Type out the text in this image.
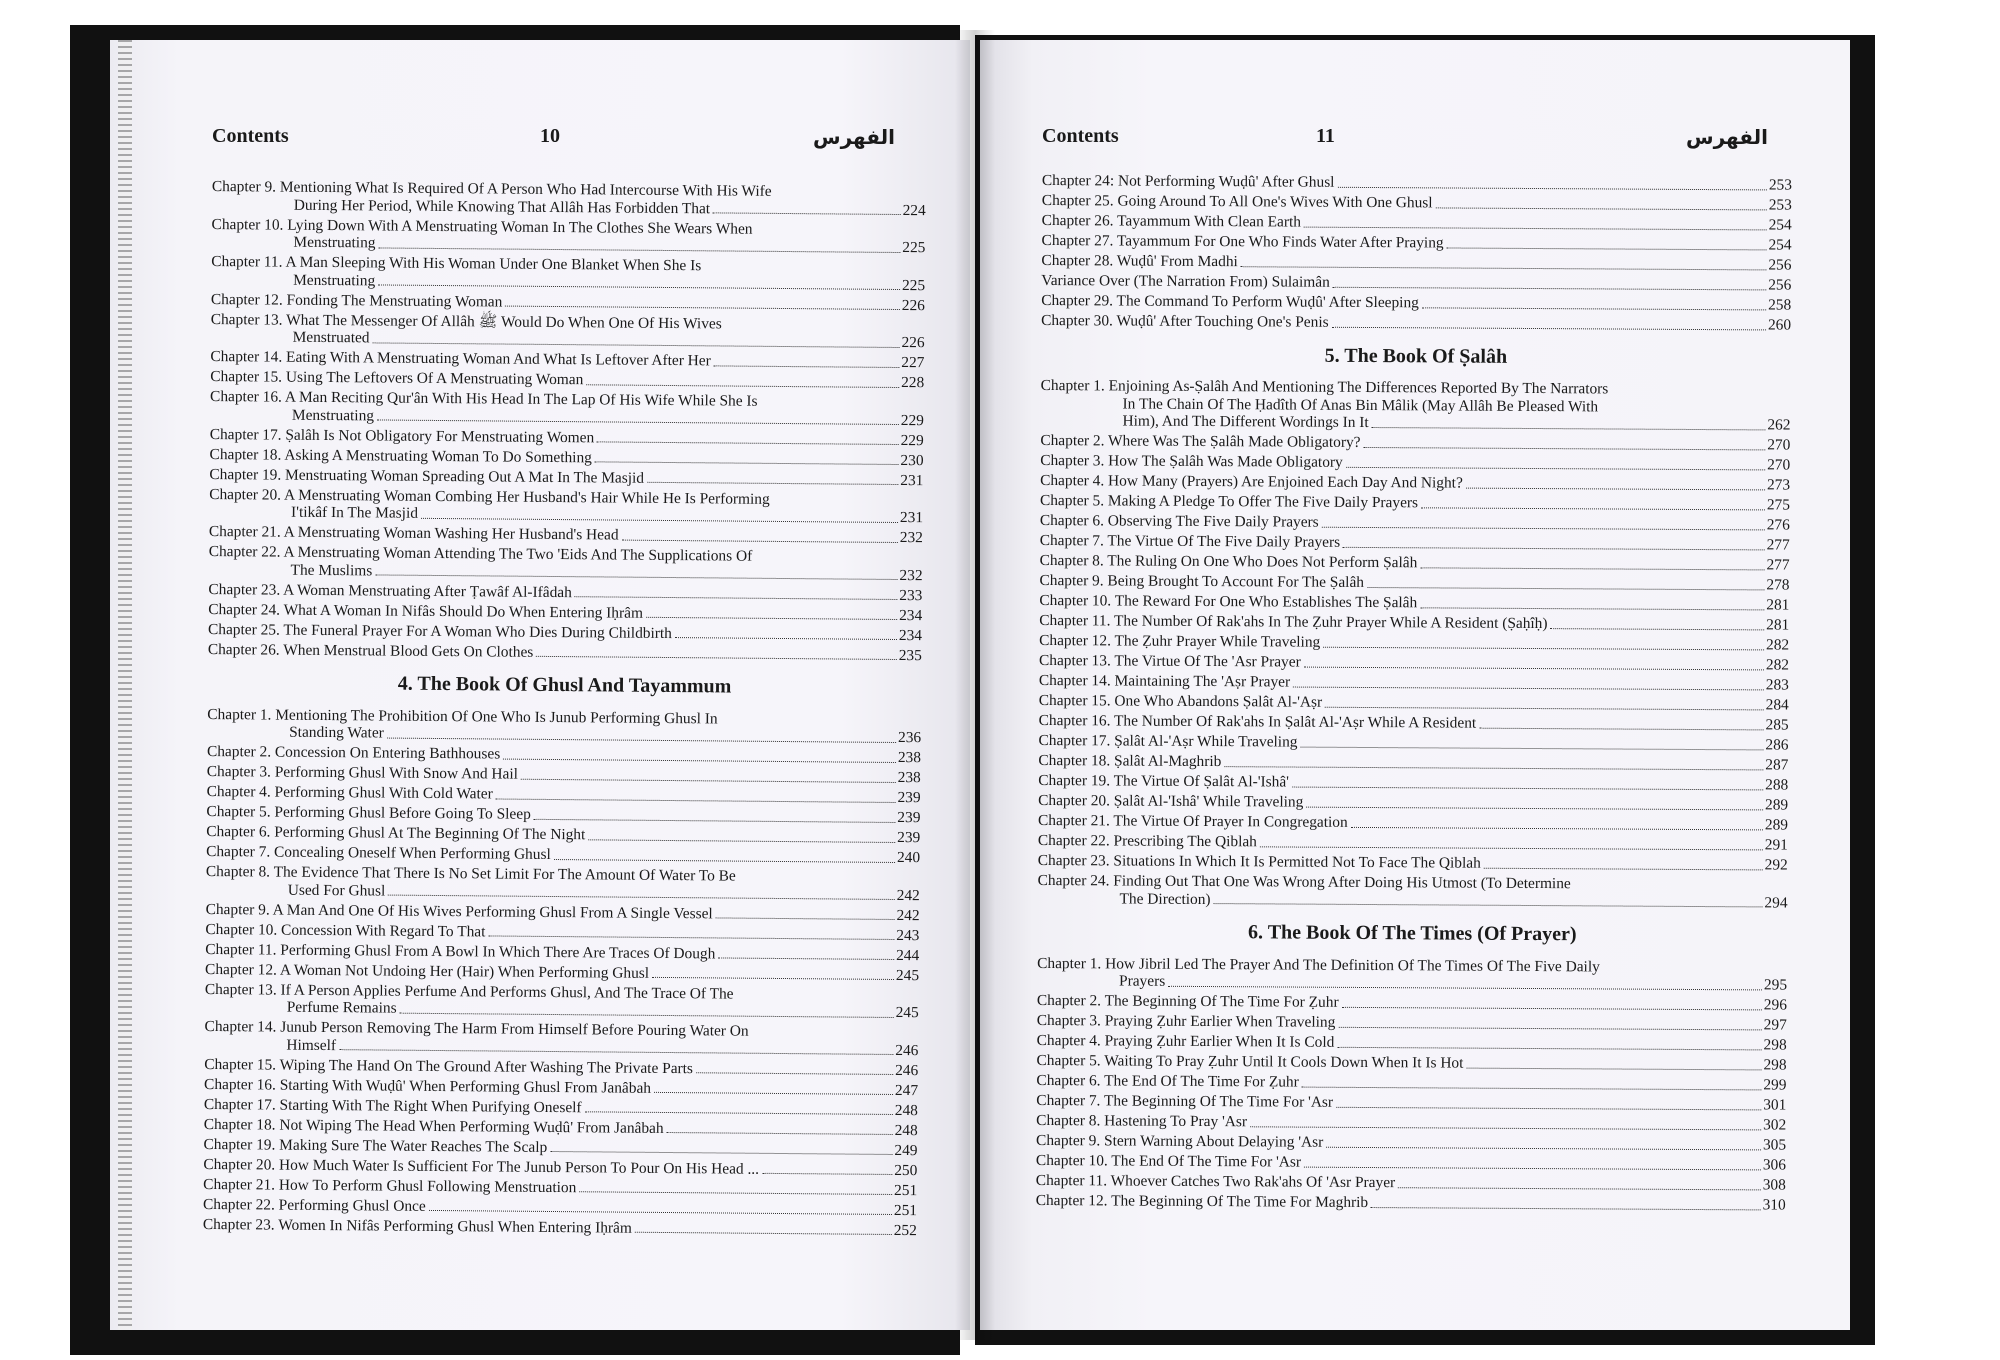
Contents	10	الفهرس
Chapter 9. Mentioning What Is Required Of A Person Who Had Intercourse With His Wife
During Her Period, While Knowing That Allâh Has Forbidden That	224
Chapter 10. Lying Down With A Menstruating Woman In The Clothes She Wears When
Menstruating	225
Chapter 11. A Man Sleeping With His Woman Under One Blanket When She Is
Menstruating	225
Chapter 12. Fonding The Menstruating Woman	226
Chapter 13. What The Messenger Of Allâh ﷺ Would Do When One Of His Wives
Menstruated	226
Chapter 14. Eating With A Menstruating Woman And What Is Leftover After Her	227
Chapter 15. Using The Leftovers Of A Menstruating Woman	228
Chapter 16. A Man Reciting Qur'ân With His Head In The Lap Of His Wife While She Is
Menstruating	229
Chapter 17. Ṣalâh Is Not Obligatory For Menstruating Women	229
Chapter 18. Asking A Menstruating Woman To Do Something	230
Chapter 19. Menstruating Woman Spreading Out A Mat In The Masjid	231
Chapter 20. A Menstruating Woman Combing Her Husband's Hair While He Is Performing
I'tikâf In The Masjid	231
Chapter 21. A Menstruating Woman Washing Her Husband's Head	232
Chapter 22. A Menstruating Woman Attending The Two 'Eids And The Supplications Of
The Muslims	232
Chapter 23. A Woman Menstruating After Ṭawâf Al-Ifâdah	233
Chapter 24. What A Woman In Nifâs Should Do When Entering Iḥrâm	234
Chapter 25. The Funeral Prayer For A Woman Who Dies During Childbirth	234
Chapter 26. When Menstrual Blood Gets On Clothes	235
4. The Book Of Ghusl And Tayammum
Chapter 1. Mentioning The Prohibition Of One Who Is Junub Performing Ghusl In
Standing Water	236
Chapter 2. Concession On Entering Bathhouses	238
Chapter 3. Performing Ghusl With Snow And Hail	238
Chapter 4. Performing Ghusl With Cold Water	239
Chapter 5. Performing Ghusl Before Going To Sleep	239
Chapter 6. Performing Ghusl At The Beginning Of The Night	239
Chapter 7. Concealing Oneself When Performing Ghusl	240
Chapter 8. The Evidence That There Is No Set Limit For The Amount Of Water To Be
Used For Ghusl	242
Chapter 9. A Man And One Of His Wives Performing Ghusl From A Single Vessel	242
Chapter 10. Concession With Regard To That	243
Chapter 11. Performing Ghusl From A Bowl In Which There Are Traces Of Dough	244
Chapter 12. A Woman Not Undoing Her (Hair) When Performing Ghusl	245
Chapter 13. If A Person Applies Perfume And Performs Ghusl, And The Trace Of The
Perfume Remains	245
Chapter 14. Junub Person Removing The Harm From Himself Before Pouring Water On
Himself	246
Chapter 15. Wiping The Hand On The Ground After Washing The Private Parts	246
Chapter 16. Starting With Wuḍû' When Performing Ghusl From Janâbah	247
Chapter 17. Starting With The Right When Purifying Oneself	248
Chapter 18. Not Wiping The Head When Performing Wuḍû' From Janâbah	248
Chapter 19. Making Sure The Water Reaches The Scalp	249
Chapter 20. How Much Water Is Sufficient For The Junub Person To Pour On His Head ...	250
Chapter 21. How To Perform Ghusl Following Menstruation	251
Chapter 22. Performing Ghusl Once	251
Chapter 23. Women In Nifâs Performing Ghusl When Entering Iḥrâm	252
Contents	11	الفهرس
Chapter 24: Not Performing Wuḍû' After Ghusl	253
Chapter 25. Going Around To All One's Wives With One Ghusl	253
Chapter 26. Tayammum With Clean Earth	254
Chapter 27. Tayammum For One Who Finds Water After Praying	254
Chapter 28. Wuḍû' From Madhi	256
Variance Over (The Narration From) Sulaimân	256
Chapter 29. The Command To Perform Wuḍû' After Sleeping	258
Chapter 30. Wuḍû' After Touching One's Penis	260
5. The Book Of Ṣalâh
Chapter 1. Enjoining As-Ṣalâh And Mentioning The Differences Reported By The Narrators
In The Chain Of The Ḥadîth Of Anas Bin Mâlik (May Allâh Be Pleased With
Him), And The Different Wordings In It	262
Chapter 2. Where Was The Ṣalâh Made Obligatory?	270
Chapter 3. How The Ṣalâh Was Made Obligatory	270
Chapter 4. How Many (Prayers) Are Enjoined Each Day And Night?	273
Chapter 5. Making A Pledge To Offer The Five Daily Prayers	275
Chapter 6. Observing The Five Daily Prayers	276
Chapter 7. The Virtue Of The Five Daily Prayers	277
Chapter 8. The Ruling On One Who Does Not Perform Ṣalâh	277
Chapter 9. Being Brought To Account For The Ṣalâh	278
Chapter 10. The Reward For One Who Establishes The Ṣalâh	281
Chapter 11. The Number Of Rak'ahs In The Ẓuhr Prayer While A Resident (Ṣaḥîḥ)	281
Chapter 12. The Ẓuhr Prayer While Traveling	282
Chapter 13. The Virtue Of The 'Asr Prayer	282
Chapter 14. Maintaining The 'Aṣr Prayer	283
Chapter 15. One Who Abandons Ṣalât Al-'Aṣr	284
Chapter 16. The Number Of Rak'ahs In Ṣalât Al-'Aṣr While A Resident	285
Chapter 17. Ṣalât Al-'Aṣr While Traveling	286
Chapter 18. Ṣalât Al-Maghrib	287
Chapter 19. The Virtue Of Ṣalât Al-'Ishâ'	288
Chapter 20. Ṣalât Al-'Ishâ' While Traveling	289
Chapter 21. The Virtue Of Prayer In Congregation	289
Chapter 22. Prescribing The Qiblah	291
Chapter 23. Situations In Which It Is Permitted Not To Face The Qiblah	292
Chapter 24. Finding Out That One Was Wrong After Doing His Utmost (To Determine
The Direction)	294
6. The Book Of The Times (Of Prayer)
Chapter 1. How Jibril Led The Prayer And The Definition Of The Times Of The Five Daily
Prayers	295
Chapter 2. The Beginning Of The Time For Ẓuhr	296
Chapter 3. Praying Ẓuhr Earlier When Traveling	297
Chapter 4. Praying Ẓuhr Earlier When It Is Cold	298
Chapter 5. Waiting To Pray Ẓuhr Until It Cools Down When It Is Hot	298
Chapter 6. The End Of The Time For Ẓuhr	299
Chapter 7. The Beginning Of The Time For 'Asr	301
Chapter 8. Hastening To Pray 'Asr	302
Chapter 9. Stern Warning About Delaying 'Asr	305
Chapter 10. The End Of The Time For 'Asr	306
Chapter 11. Whoever Catches Two Rak'ahs Of 'Asr Prayer	308
Chapter 12. The Beginning Of The Time For Maghrib	310
